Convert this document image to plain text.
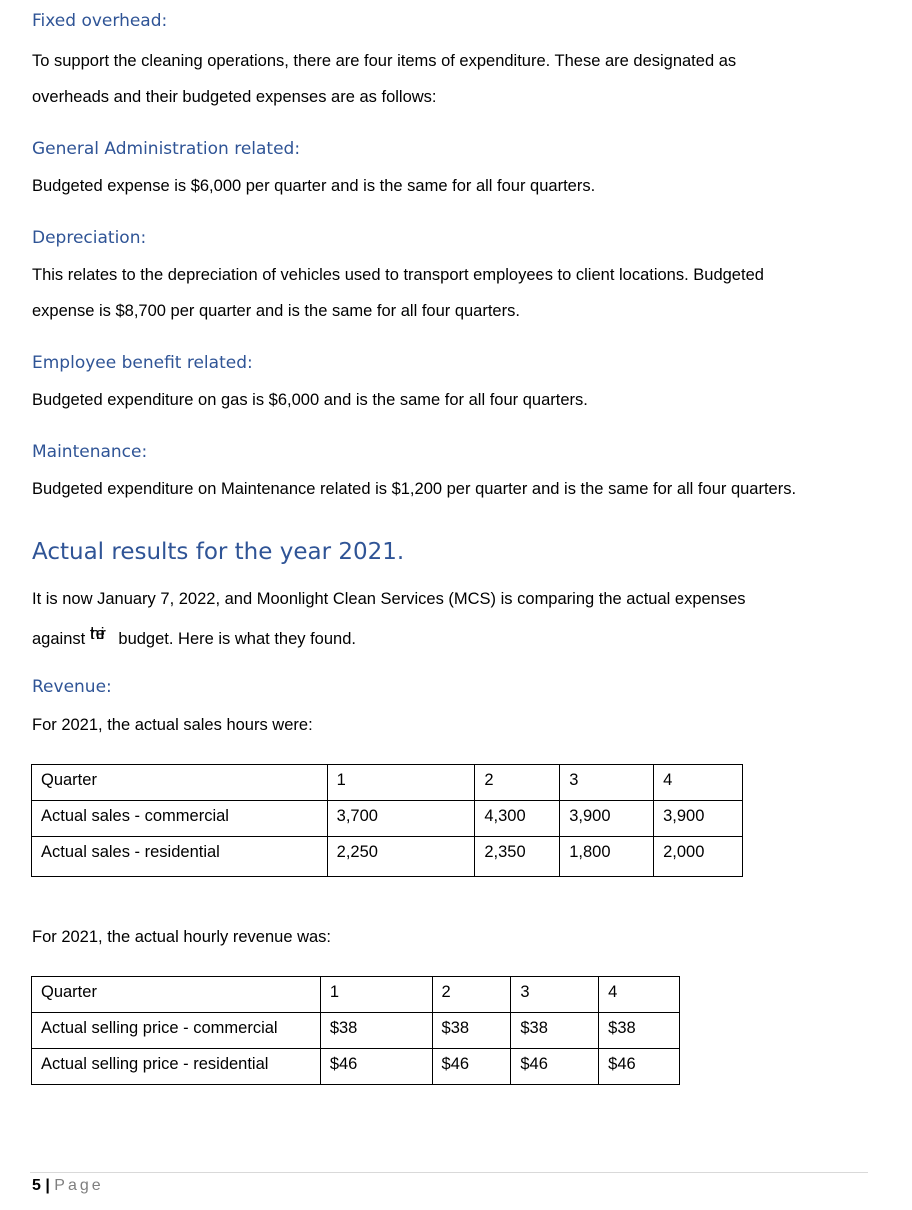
Fixed overhead:

To support the cleaning operations, there are four items of expenditure. These are designated as

overheads and their budgeted expenses are as follows:

General Administration related:

Budgeted expense is $6,000 per quarter and is the same for all four quarters.

Depreciation:

This relates to the depreciation of vehicles used to transport employees to client locations. Budgeted

expense is $8,700 per quarter and is the same for all four quarters.

Employee benefit related:

Budgeted expenditure on gas is $6,000 and is the same for all four quarters.

Maintenance:

Budgeted expenditure on Maintenance related is $1,200 per quarter and is the same for all four quarters.

Actual results for the year 2021.

It is now January 7, 2022, and Moonlight Clean Services (MCS) is comparing the actual expenses

against their budget. Here is what they found.

Revenue:

For 2021, the actual sales hours were:

Quarter	1	2	3	4
Actual sales - commercial	3,700	4,300	3,900	3,900
Actual sales - residential	2,250	2,350	1,800	2,000

For 2021, the actual hourly revenue was:

Quarter	1	2	3	4
Actual selling price - commercial	$38	$38	$38	$38
Actual selling price - residential	$46	$46	$46	$46
5 | Page
